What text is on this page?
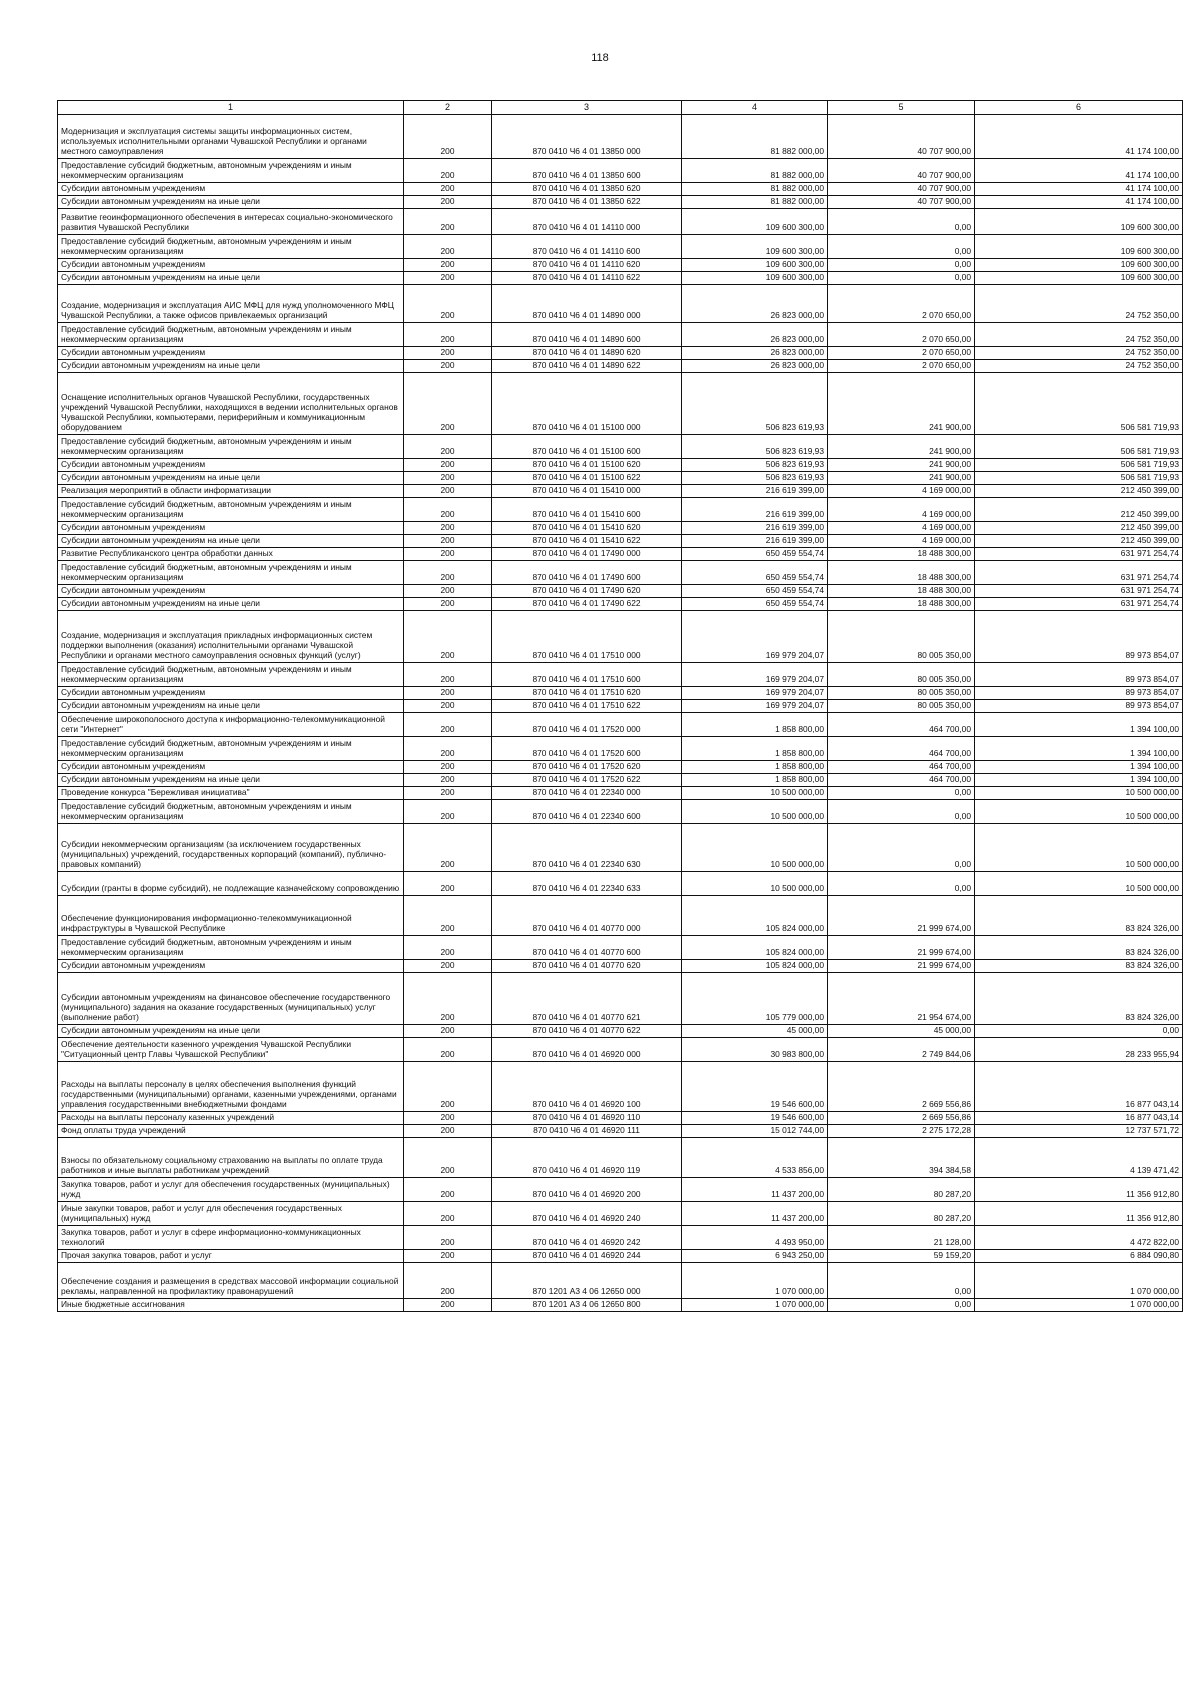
118
1	2	3	4	5	6
Модернизация и эксплуатация системы защиты информационных систем, используемых исполнительными органами Чувашской Республики и органами местного самоуправления	200	870 0410 Ч6 4 01 13850 000	81 882 000,00	40 707 900,00	41 174 100,00
Предоставление субсидий бюджетным, автономным учреждениям и иным некоммерческим организациям	200	870 0410 Ч6 4 01 13850 600	81 882 000,00	40 707 900,00	41 174 100,00
Субсидии автономным учреждениям	200	870 0410 Ч6 4 01 13850 620	81 882 000,00	40 707 900,00	41 174 100,00
Субсидии автономным учреждениям на иные цели	200	870 0410 Ч6 4 01 13850 622	81 882 000,00	40 707 900,00	41 174 100,00
Развитие геоинформационного обеспечения в интересах социально-экономического развития Чувашской Республики	200	870 0410 Ч6 4 01 14110 000	109 600 300,00	0,00	109 600 300,00
Предоставление субсидий бюджетным, автономным учреждениям и иным некоммерческим организациям	200	870 0410 Ч6 4 01 14110 600	109 600 300,00	0,00	109 600 300,00
Субсидии автономным учреждениям	200	870 0410 Ч6 4 01 14110 620	109 600 300,00	0,00	109 600 300,00
Субсидии автономным учреждениям на иные цели	200	870 0410 Ч6 4 01 14110 622	109 600 300,00	0,00	109 600 300,00
Создание, модернизация и эксплуатация АИС МФЦ для нужд уполномоченного МФЦ Чувашской Республики, а также офисов привлекаемых организаций	200	870 0410 Ч6 4 01 14890 000	26 823 000,00	2 070 650,00	24 752 350,00
Предоставление субсидий бюджетным, автономным учреждениям и иным некоммерческим организациям	200	870 0410 Ч6 4 01 14890 600	26 823 000,00	2 070 650,00	24 752 350,00
Субсидии автономным учреждениям	200	870 0410 Ч6 4 01 14890 620	26 823 000,00	2 070 650,00	24 752 350,00
Субсидии автономным учреждениям на иные цели	200	870 0410 Ч6 4 01 14890 622	26 823 000,00	2 070 650,00	24 752 350,00
Оснащение исполнительных органов Чувашской Республики, государственных учреждений Чувашской Республики, находящихся в ведении исполнительных органов Чувашской Республики, компьютерами, периферийным и коммуникационным оборудованием	200	870 0410 Ч6 4 01 15100 000	506 823 619,93	241 900,00	506 581 719,93
Предоставление субсидий бюджетным, автономным учреждениям и иным некоммерческим организациям	200	870 0410 Ч6 4 01 15100 600	506 823 619,93	241 900,00	506 581 719,93
Субсидии автономным учреждениям	200	870 0410 Ч6 4 01 15100 620	506 823 619,93	241 900,00	506 581 719,93
Субсидии автономным учреждениям на иные цели	200	870 0410 Ч6 4 01 15100 622	506 823 619,93	241 900,00	506 581 719,93
Реализация мероприятий в области информатизации	200	870 0410 Ч6 4 01 15410 000	216 619 399,00	4 169 000,00	212 450 399,00
Предоставление субсидий бюджетным, автономным учреждениям и иным некоммерческим организациям	200	870 0410 Ч6 4 01 15410 600	216 619 399,00	4 169 000,00	212 450 399,00
Субсидии автономным учреждениям	200	870 0410 Ч6 4 01 15410 620	216 619 399,00	4 169 000,00	212 450 399,00
Субсидии автономным учреждениям на иные цели	200	870 0410 Ч6 4 01 15410 622	216 619 399,00	4 169 000,00	212 450 399,00
Развитие Республиканского центра обработки данных	200	870 0410 Ч6 4 01 17490 000	650 459 554,74	18 488 300,00	631 971 254,74
Предоставление субсидий бюджетным, автономным учреждениям и иным некоммерческим организациям	200	870 0410 Ч6 4 01 17490 600	650 459 554,74	18 488 300,00	631 971 254,74
Субсидии автономным учреждениям	200	870 0410 Ч6 4 01 17490 620	650 459 554,74	18 488 300,00	631 971 254,74
Субсидии автономным учреждениям на иные цели	200	870 0410 Ч6 4 01 17490 622	650 459 554,74	18 488 300,00	631 971 254,74
Создание, модернизация и эксплуатация прикладных информационных систем поддержки выполнения (оказания) исполнительными органами Чувашской Республики и органами местного самоуправления основных функций (услуг)	200	870 0410 Ч6 4 01 17510 000	169 979 204,07	80 005 350,00	89 973 854,07
Предоставление субсидий бюджетным, автономным учреждениям и иным некоммерческим организациям	200	870 0410 Ч6 4 01 17510 600	169 979 204,07	80 005 350,00	89 973 854,07
Субсидии автономным учреждениям	200	870 0410 Ч6 4 01 17510 620	169 979 204,07	80 005 350,00	89 973 854,07
Субсидии автономным учреждениям на иные цели	200	870 0410 Ч6 4 01 17510 622	169 979 204,07	80 005 350,00	89 973 854,07
Обеспечение широкополосного доступа к информационно-телекоммуникационной сети "Интернет"	200	870 0410 Ч6 4 01 17520 000	1 858 800,00	464 700,00	1 394 100,00
Предоставление субсидий бюджетным, автономным учреждениям и иным некоммерческим организациям	200	870 0410 Ч6 4 01 17520 600	1 858 800,00	464 700,00	1 394 100,00
Субсидии автономным учреждениям	200	870 0410 Ч6 4 01 17520 620	1 858 800,00	464 700,00	1 394 100,00
Субсидии автономным учреждениям на иные цели	200	870 0410 Ч6 4 01 17520 622	1 858 800,00	464 700,00	1 394 100,00
Проведение конкурса "Бережливая инициатива"	200	870 0410 Ч6 4 01 22340 000	10 500 000,00	0,00	10 500 000,00
Предоставление субсидий бюджетным, автономным учреждениям и иным некоммерческим организациям	200	870 0410 Ч6 4 01 22340 600	10 500 000,00	0,00	10 500 000,00
Субсидии некоммерческим организациям (за исключением государственных (муниципальных) учреждений, государственных корпораций (компаний), публично-правовых компаний)	200	870 0410 Ч6 4 01 22340 630	10 500 000,00	0,00	10 500 000,00
Субсидии (гранты в форме субсидий), не подлежащие казначейскому сопровождению	200	870 0410 Ч6 4 01 22340 633	10 500 000,00	0,00	10 500 000,00
Обеспечение функционирования информационно-телекоммуникационной инфраструктуры в Чувашской Республике	200	870 0410 Ч6 4 01 40770 000	105 824 000,00	21 999 674,00	83 824 326,00
Предоставление субсидий бюджетным, автономным учреждениям и иным некоммерческим организациям	200	870 0410 Ч6 4 01 40770 600	105 824 000,00	21 999 674,00	83 824 326,00
Субсидии автономным учреждениям	200	870 0410 Ч6 4 01 40770 620	105 824 000,00	21 999 674,00	83 824 326,00
Субсидии автономным учреждениям на финансовое обеспечение государственного (муниципального) задания на оказание государственных (муниципальных) услуг (выполнение работ)	200	870 0410 Ч6 4 01 40770 621	105 779 000,00	21 954 674,00	83 824 326,00
Субсидии автономным учреждениям на иные цели	200	870 0410 Ч6 4 01 40770 622	45 000,00	45 000,00	0,00
Обеспечение деятельности казенного учреждения Чувашской Республики "Ситуационный центр Главы Чувашской Республики"	200	870 0410 Ч6 4 01 46920 000	30 983 800,00	2 749 844,06	28 233 955,94
Расходы на выплаты персоналу в целях обеспечения выполнения функций государственными (муниципальными) органами, казенными учреждениями, органами управления государственными внебюджетными фондами	200	870 0410 Ч6 4 01 46920 100	19 546 600,00	2 669 556,86	16 877 043,14
Расходы на выплаты персоналу казенных учреждений	200	870 0410 Ч6 4 01 46920 110	19 546 600,00	2 669 556,86	16 877 043,14
Фонд оплаты труда учреждений	200	870 0410 Ч6 4 01 46920 111	15 012 744,00	2 275 172,28	12 737 571,72
Взносы по обязательному социальному страхованию на выплаты по оплате труда работников и иные выплаты работникам учреждений	200	870 0410 Ч6 4 01 46920 119	4 533 856,00	394 384,58	4 139 471,42
Закупка товаров, работ и услуг для обеспечения государственных (муниципальных) нужд	200	870 0410 Ч6 4 01 46920 200	11 437 200,00	80 287,20	11 356 912,80
Иные закупки товаров, работ и услуг для обеспечения государственных (муниципальных) нужд	200	870 0410 Ч6 4 01 46920 240	11 437 200,00	80 287,20	11 356 912,80
Закупка товаров, работ и услуг в сфере информационно-коммуникационных технологий	200	870 0410 Ч6 4 01 46920 242	4 493 950,00	21 128,00	4 472 822,00
Прочая закупка товаров, работ и услуг	200	870 0410 Ч6 4 01 46920 244	6 943 250,00	59 159,20	6 884 090,80
Обеспечение создания и размещения в средствах массовой информации социальной рекламы, направленной на профилактику правонарушений	200	870 1201 А3 4 06 12650 000	1 070 000,00	0,00	1 070 000,00
Иные бюджетные ассигнования	200	870 1201 А3 4 06 12650 800	1 070 000,00	0,00	1 070 000,00
